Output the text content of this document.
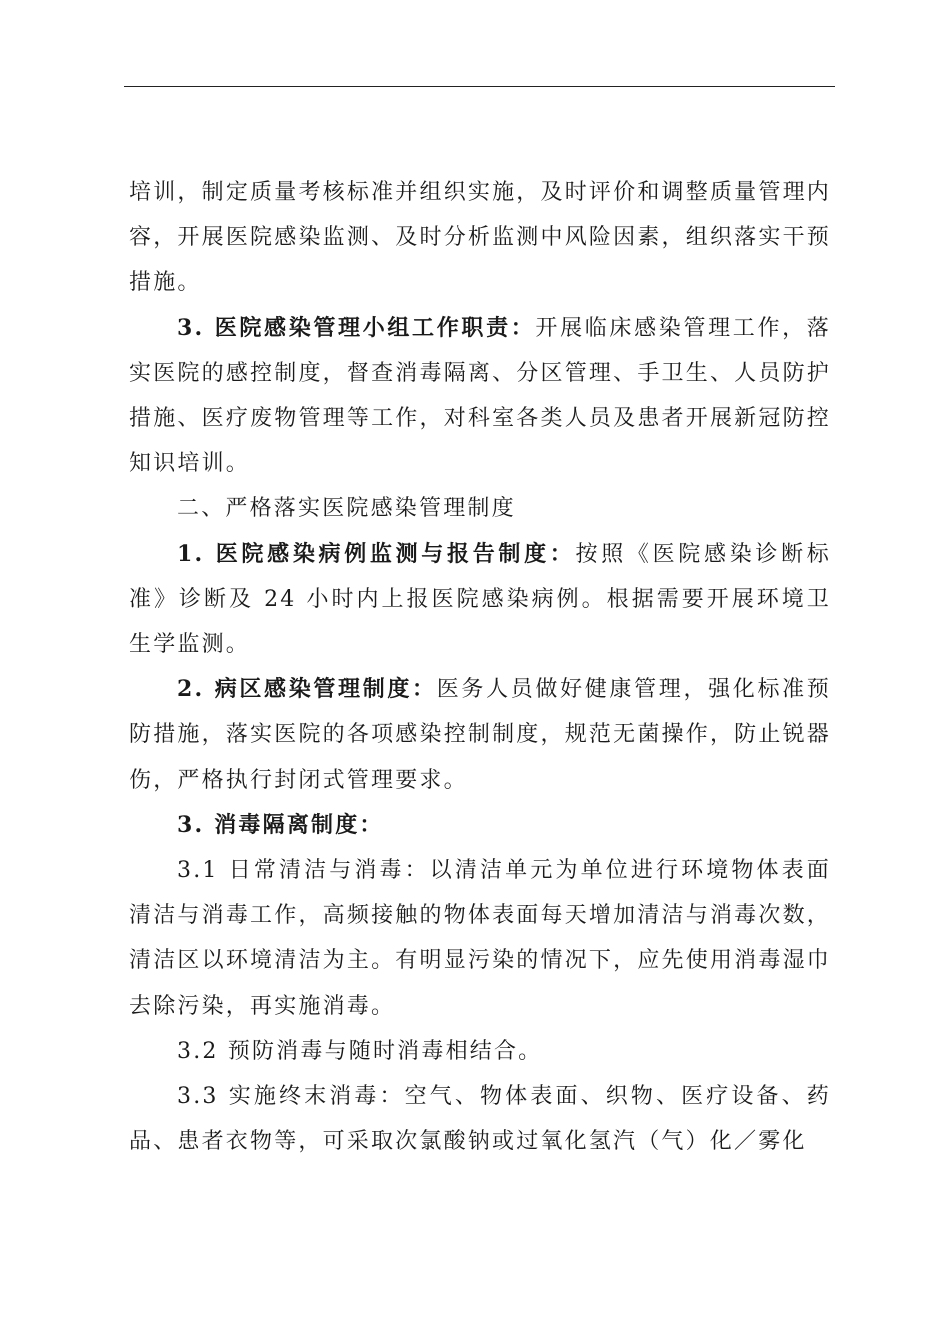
培训，制定质量考核标准并组织实施，及时评价和调整质量管理内容，开展医院感染监测、及时分析监测中风险因素，组织落实干预措施。

3. 医院感染管理小组工作职责：开展临床感染管理工作，落实医院的感控制度，督查消毒隔离、分区管理、手卫生、人员防护措施、医疗废物管理等工作，对科室各类人员及患者开展新冠防控知识培训。

二、严格落实医院感染管理制度

1. 医院感染病例监测与报告制度：按照《医院感染诊断标准》诊断及 24 小时内上报医院感染病例。根据需要开展环境卫生学监测。

2. 病区感染管理制度：医务人员做好健康管理，强化标准预防措施，落实医院的各项感染控制制度，规范无菌操作，防止锐器伤，严格执行封闭式管理要求。

3. 消毒隔离制度：

3.1 日常清洁与消毒：以清洁单元为单位进行环境物体表面清洁与消毒工作，高频接触的物体表面每天增加清洁与消毒次数，清洁区以环境清洁为主。有明显污染的情况下，应先使用消毒湿巾去除污染，再实施消毒。

3.2 预防消毒与随时消毒相结合。

3.3 实施终末消毒：空气、物体表面、织物、医疗设备、药品、患者衣物等，可采取次氯酸钠或过氧化氢汽（气）化／雾化
